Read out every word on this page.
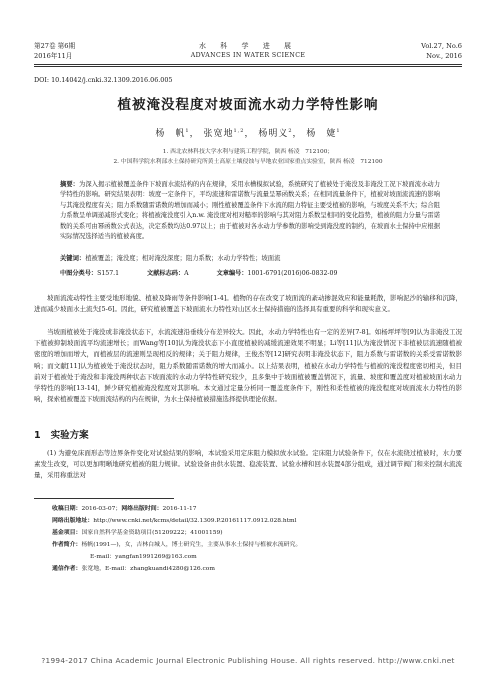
第27卷 第6期
2016年11月
水 科 学 进 展
ADVANCES IN WATER SCIENCE
Vol.27, No.6
Nov., 2016
DOI: 10.14042/j.cnki.32.1309.2016.06.005
植被淹没程度对坡面流水动力学特性影响
杨　帆$^1$， 张宽地$^{1,2}$， 杨明义$^2$， 杨　婕$^1$
1. 西北农林科技大学水利与建筑工程学院，陕西 杨凌　712100；
2. 中国科学院水利部水土保持研究所黄土高原土壤侵蚀与旱地农业国家重点实验室，陕西 杨凌　712100
摘要：为深入揭示植被覆盖条件下坡面水流结构的内在规律，采用水槽模拟试验，系统研究了植被处于淹没及非淹没工况下坡面流水动力学特性的影响。研究结果表明：坡度一定条件下，平均流速和雷诺数与流量呈幂函数关系；在相同流量条件下，植被对坡面流流速的影响与其淹没程度有关；阻力系数随雷诺数的增加而减小；刚性植被覆盖条件下水流的阻力特征主要受植被的影响，与坡度关系不大；综合阻力系数呈单调递减形式变化；将植被淹没度引入n.w. 淹没度对相对糙率的影响与其对阻力系数呈相同的变化趋势，植被的阻力分量与雷诺数的关系可由幂函数公式表达，决定系数均达0.97以上；由于植被对各水动力学参数的影响受到淹没度的制约，在坡面水土保持中应根据实际情况选择适当的植被高度。
关键词：植被覆盖；淹没度；相对淹没深度；阻力系数；水动力学特性；坡面流
中图分类号：S157.1	文献标志码：A	文章编号：1001-6791(2016)06-0832-09
坡面流流动特性主要受地形地貌、植被及降雨等条件影响[1-4]。植物的存在改变了坡面流的紊动掺混效应和能量耗散，影响泥沙的输移和沉降，进而减少坡面水土流失[5-6]。因此，研究植被覆盖下坡面流水力特性对山区水土保持措施的选择具有重要的科学和现实意义。
当坡面植被处于淹没或非淹没状态下，水流流速沿垂线分布差异较大。因此，水动力学特性也有一定的差异[7-8]。如杨坪坪等[9]认为非淹没工况下植被抑制坡面流平均流速增长；而Wang等[10]认为淹没状态下小直度植被的减缓流速效果不明显；Li等[11]认为淹没情况下非植被层流速随植被密度的增加而增大，而植被层的流速则呈现相反的规律；关于阻力规律，王俊杰等[12]研究表明非淹没状态下，阻力系数与雷诺数的关系受雷诺数影响；而文献[11]认为植被处于淹没状态时，阻力系数随雷诺数的增大而减小。以上结果表明，植被在水动力学特性与植被的淹没程度密切相关，但目前对于植被处于淹没和非淹没两种状态下坡面流的水动力学特性研究较少，且多集中于坡面植被覆盖情况下，流量、坡度和覆盖度对植被坡面水动力学特性的影响[13-14]，鲜少研究植被淹没程度对其影响。本文通过定量分析同一覆盖度条件下，刚性和柔性植被的淹没程度对坡面流水力特性的影响，探索植被覆盖下坡面流结构的内在规律，为水土保持植被措施选择提供理论依据。
1 实验方案
(1) 为避免床面形态等边界条件变化对试验结果的影响，本试验采用定床阻力模拟放水试验。定床阻力试验条件下，仅在水流绕过植被时，水力要素发生改变，可以更加明晰地研究植被的阻力规律。试验设备由供水装置、稳流装置、试验水槽和回水装置4部分组成，通过调节阀门和来控制水流流量，采用称重法对
收稿日期：2016-03-07；网络出版时间：2016-11-17
网络出版地址：http://www.cnki.net/kcms/detail/32.1309.P.20161117.0912.028.html
基金项目：国家自然科学基金资助项目(51209222；41001159)
作者简介：杨帆(1991—)，女，吉林白城人，博士研究生，主要从事水土保持与植被水流研究。
E-mail：yangfan1991269@163.com
通信作者：张宽地，E-mail：zhangkuandi4280@126.com
?1994-2017 China Academic Journal Electronic Publishing House. All rights reserved. http://www.cnki.net
